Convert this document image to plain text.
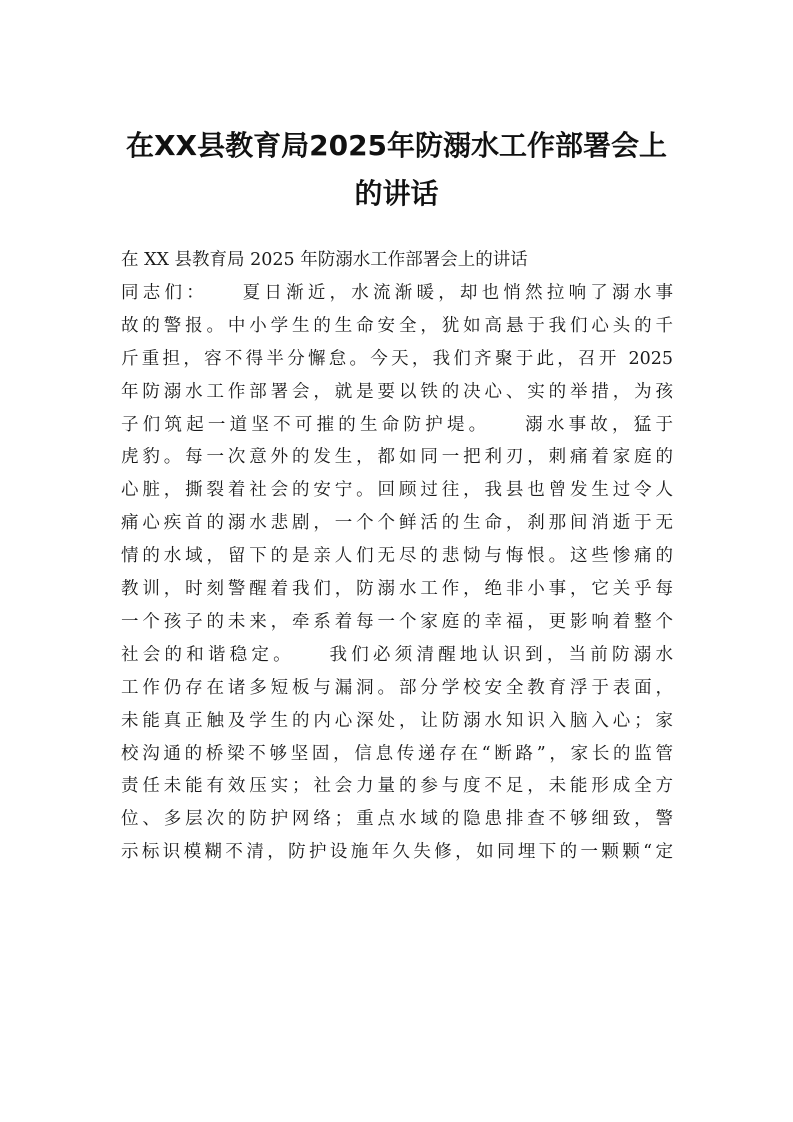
在XX县教育局2025年防溺水工作部署会上
的讲话
在 XX 县教育局 2025 年防溺水工作部署会上的讲话
同志们：　　夏日渐近，水流渐暖，却也悄然拉响了溺水事
故的警报。中小学生的生命安全，犹如高悬于我们心头的千
斤重担，容不得半分懈怠。今天，我们齐聚于此，召开 2025
年防溺水工作部署会，就是要以铁的决心、实的举措，为孩
子们筑起一道坚不可摧的生命防护堤。　　溺水事故，猛于
虎豹。每一次意外的发生，都如同一把利刃，刺痛着家庭的
心脏，撕裂着社会的安宁。回顾过往，我县也曾发生过令人
痛心疾首的溺水悲剧，一个个鲜活的生命，刹那间消逝于无
情的水域，留下的是亲人们无尽的悲恸与悔恨。这些惨痛的
教训，时刻警醒着我们，防溺水工作，绝非小事，它关乎每
一个孩子的未来，牵系着每一个家庭的幸福，更影响着整个
社会的和谐稳定。　　我们必须清醒地认识到，当前防溺水
工作仍存在诸多短板与漏洞。部分学校安全教育浮于表面，
未能真正触及学生的内心深处，让防溺水知识入脑入心；家
校沟通的桥梁不够坚固，信息传递存在“断路”，家长的监管
责任未能有效压实；社会力量的参与度不足，未能形成全方
位、多层次的防护网络；重点水域的隐患排查不够细致，警
示标识模糊不清，防护设施年久失修，如同埋下的一颗颗“定
